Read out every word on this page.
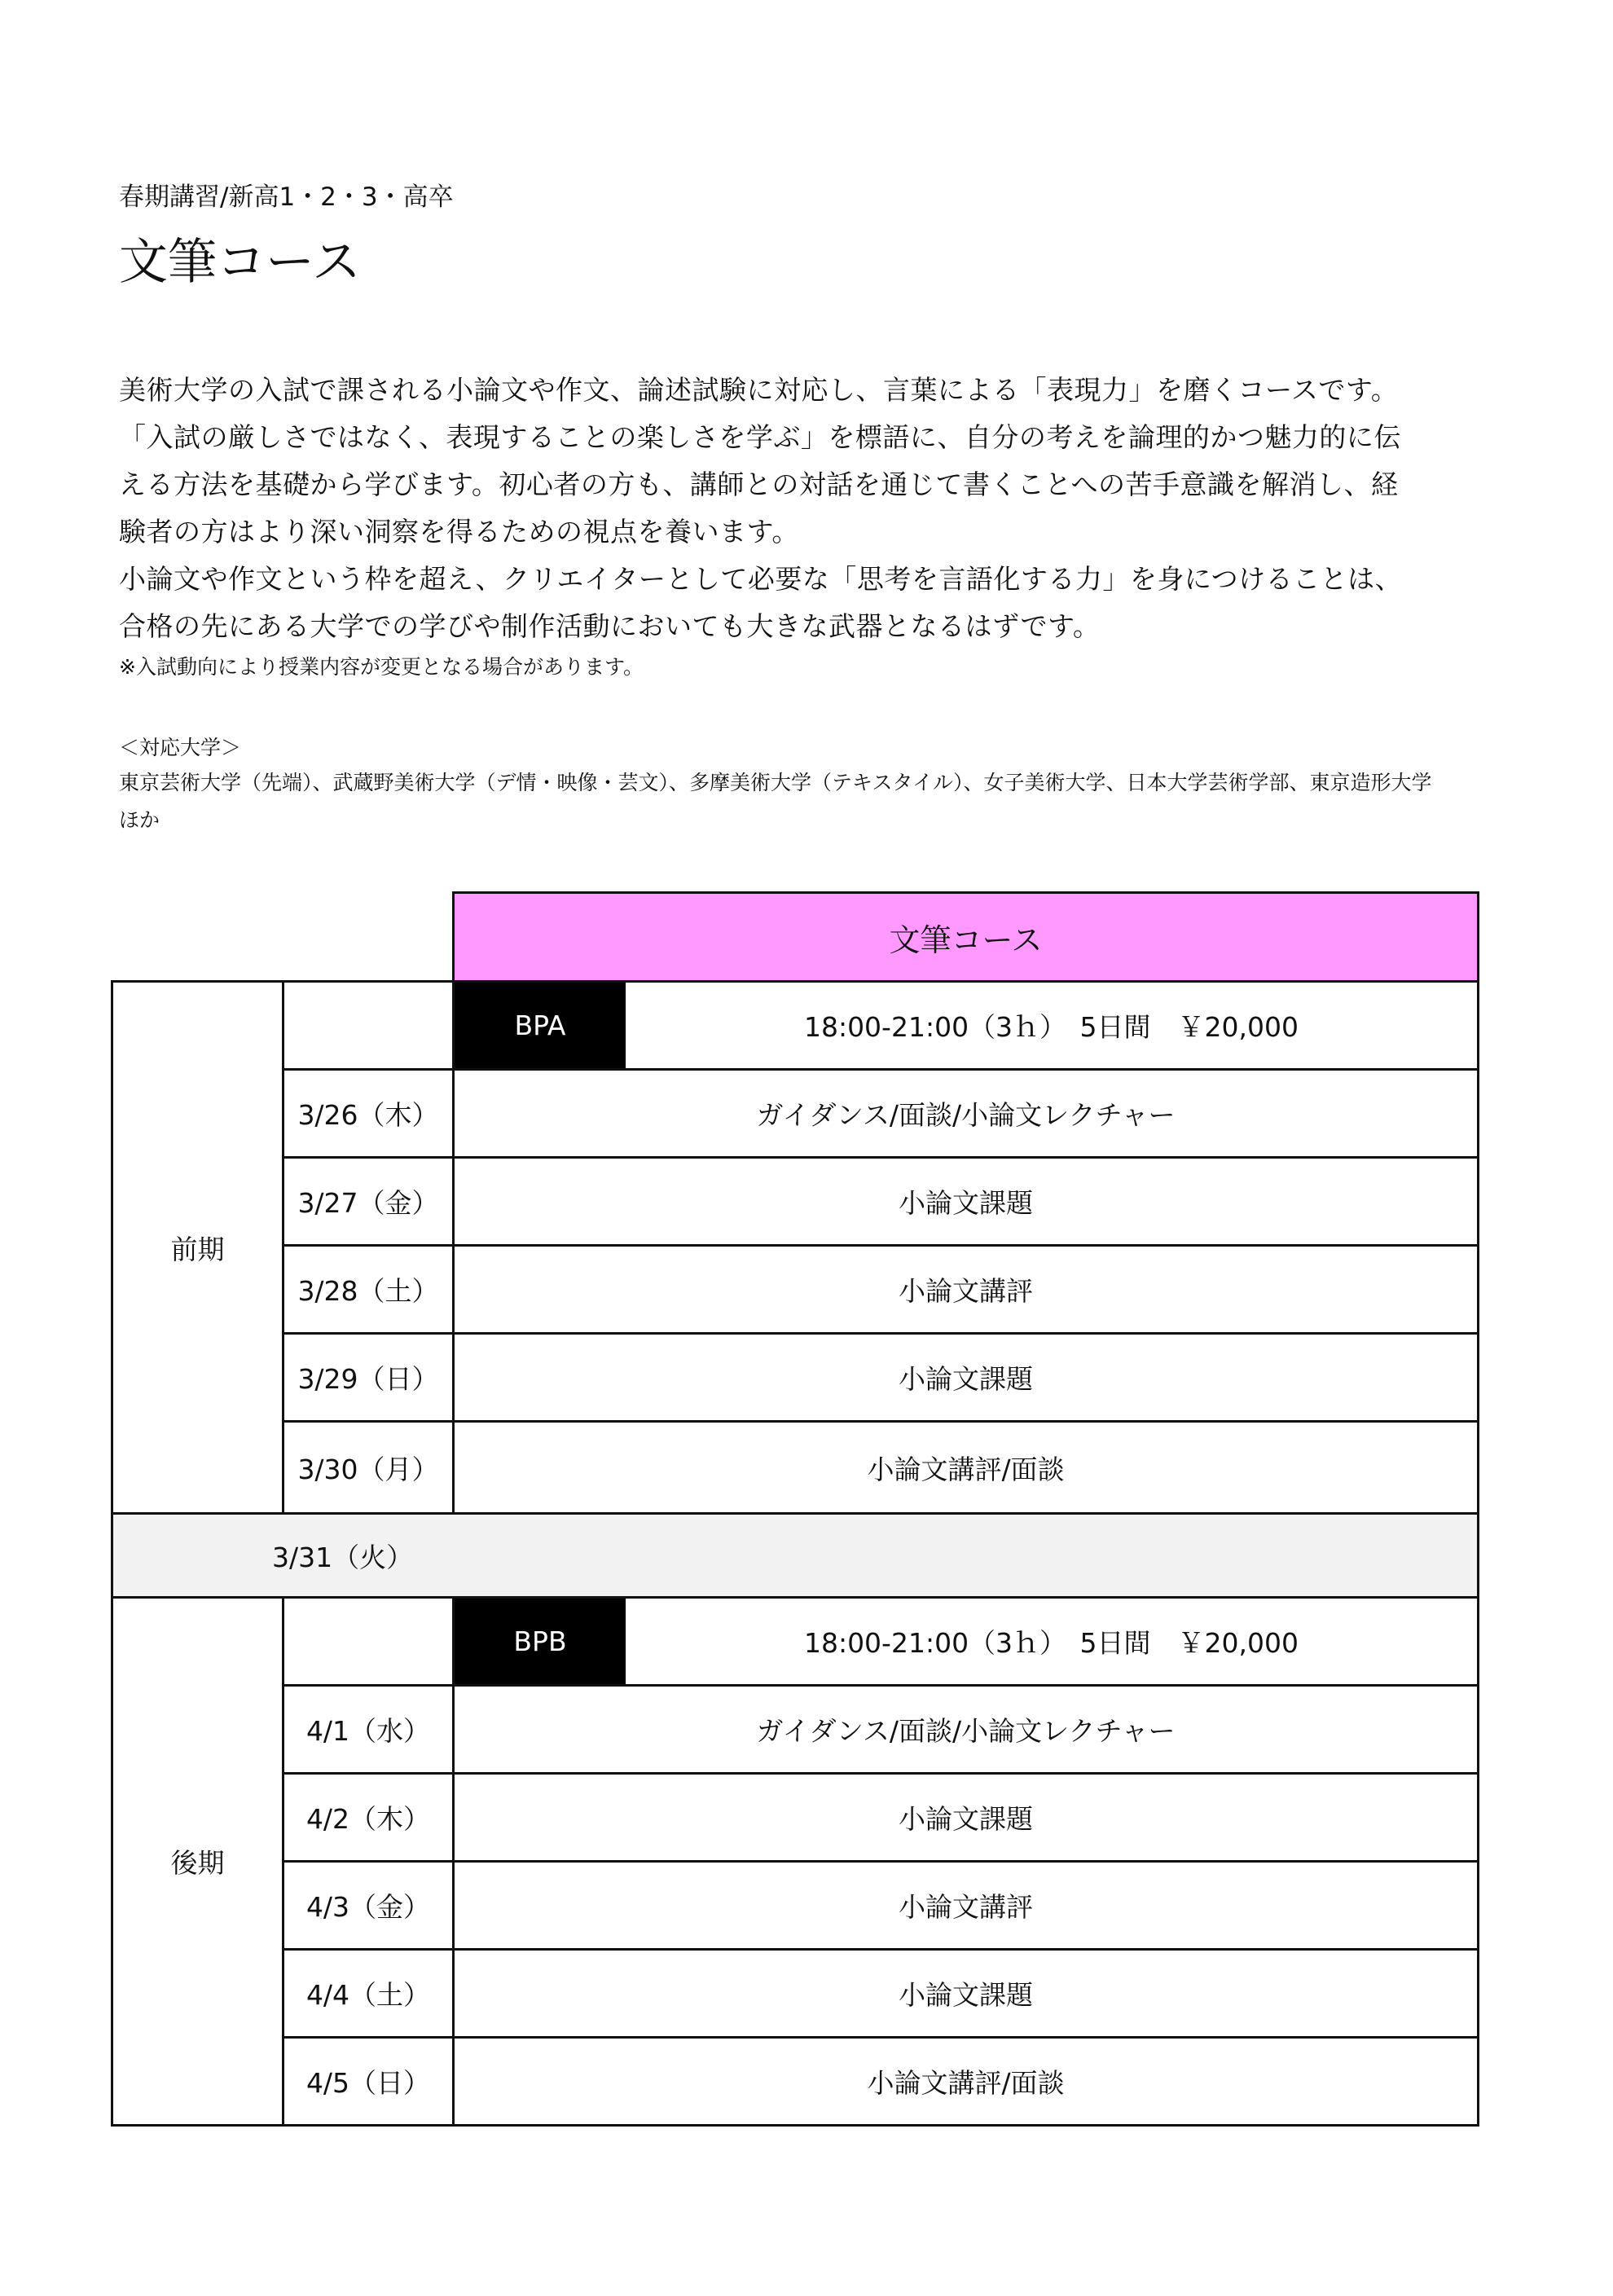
春期講習/新高1・2・3・高卒
文筆コース
美術大学の入試で課される小論文や作文、論述試験に対応し、言葉による「表現力」を磨くコースです。
「入試の厳しさではなく、表現することの楽しさを学ぶ」を標語に、自分の考えを論理的かつ魅力的に伝
える方法を基礎から学びます。初心者の方も、講師との対話を通じて書くことへの苦手意識を解消し、経
験者の方はより深い洞察を得るための視点を養います。
小論文や作文という枠を超え、クリエイターとして必要な「思考を言語化する力」を身につけることは、
合格の先にある大学での学びや制作活動においても大きな武器となるはずです。
※入試動向により授業内容が変更となる場合があります。
＜対応大学＞
東京芸術大学（先端）、武蔵野美術大学（デ情・映像・芸文）、多摩美術大学（テキスタイル）、女子美術大学、日本大学芸術学部、東京造形大学 ほか
文筆コース
前期
BPA	18:00-21:00（3ｈ）　5日間　￥20,000
3/26（木）	ガイダンス/面談/小論文レクチャー
3/27（金）	小論文課題
3/28（土）	小論文講評
3/29（日）	小論文課題
3/30（月）	小論文講評/面談
3/31（火）
後期
BPB	18:00-21:00（3ｈ）　5日間　￥20,000
4/1（水）	ガイダンス/面談/小論文レクチャー
4/2（木）	小論文課題
4/3（金）	小論文講評
4/4（土）	小論文課題
4/5（日）	小論文講評/面談
